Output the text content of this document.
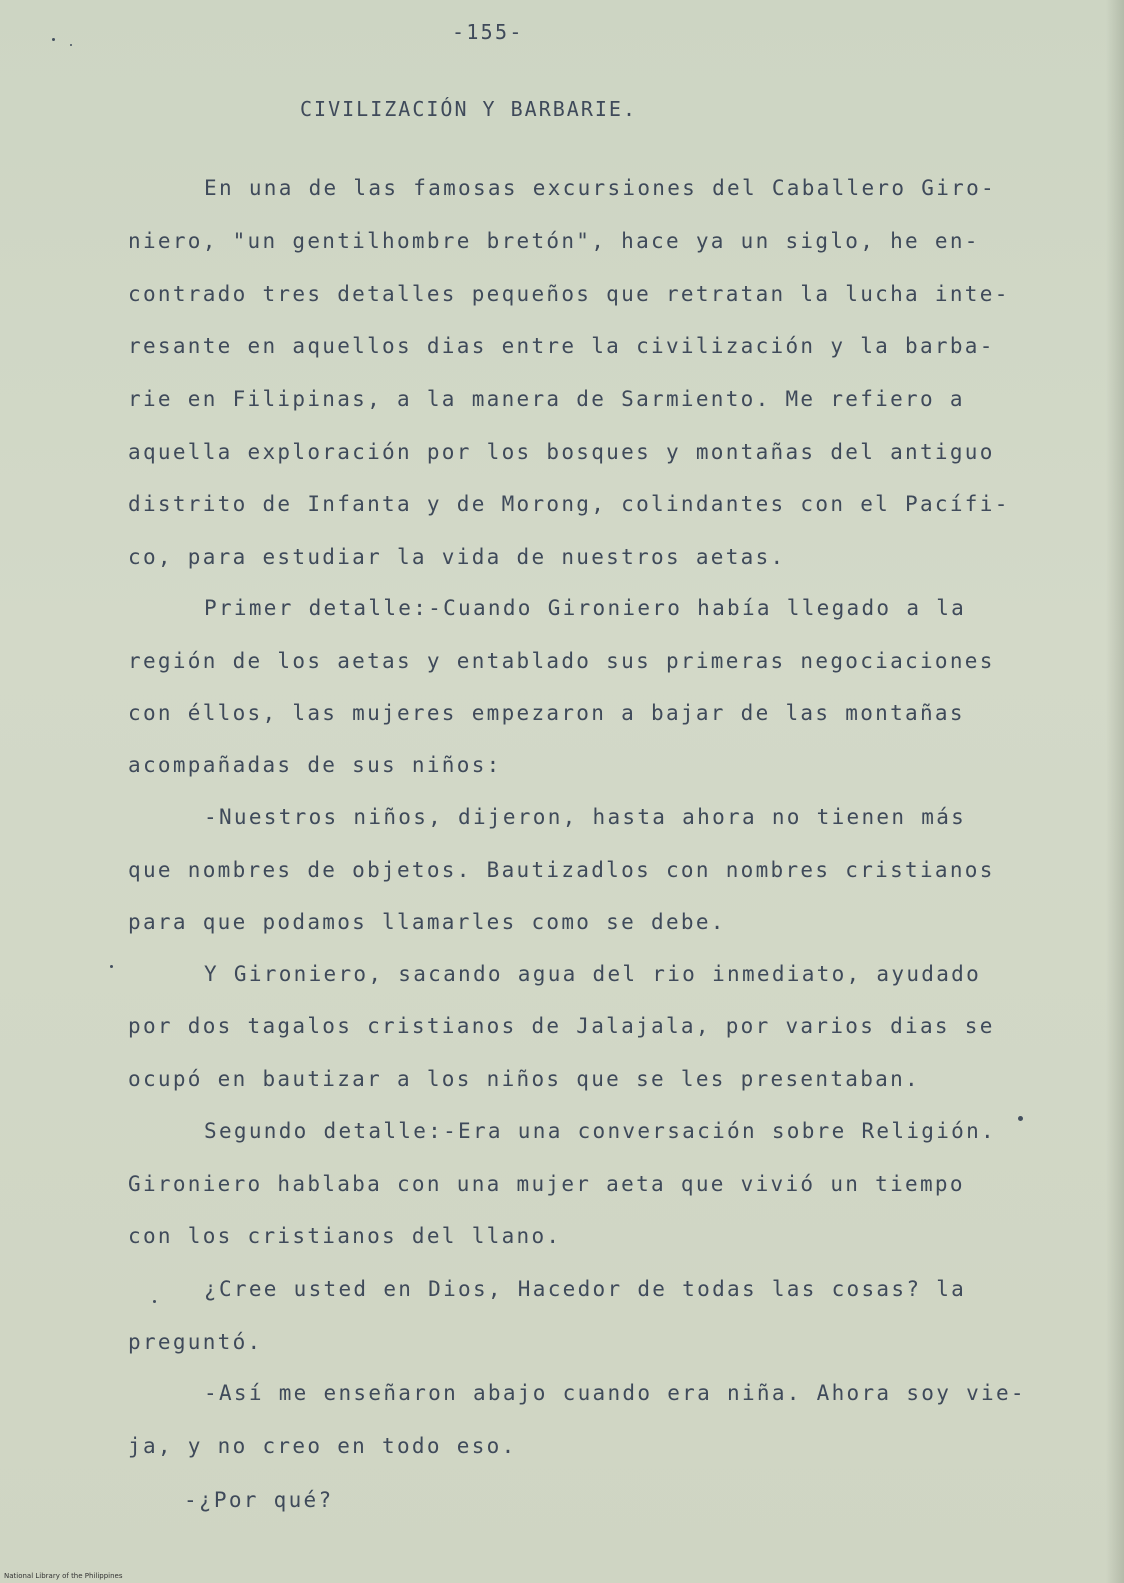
-155-
CIVILIZACIÓN Y BARBARIE.
En una de las famosas excursiones del Caballero Giro-
niero, "un gentilhombre bretón", hace ya un siglo, he en-
contrado tres detalles pequeños que retratan la lucha inte-
resante en aquellos dias entre la civilización y la barba-
rie en Filipinas, a la manera de Sarmiento. Me refiero a
aquella exploración por los bosques y montañas del antiguo
distrito de Infanta y de Morong, colindantes con el Pacífi-
co, para estudiar la vida de nuestros aetas.
Primer detalle:-Cuando Gironiero había llegado a la
región de los aetas y entablado sus primeras negociaciones
con éllos, las mujeres empezaron a bajar de las montañas
acompañadas de sus niños:
-Nuestros niños, dijeron, hasta ahora no tienen más
que nombres de objetos. Bautizadlos con nombres cristianos
para que podamos llamarles como se debe.
Y Gironiero, sacando agua del rio inmediato, ayudado
por dos tagalos cristianos de Jalajala, por varios dias se
ocupó en bautizar a los niños que se les presentaban.
Segundo detalle:-Era una conversación sobre Religión.
Gironiero hablaba con una mujer aeta que vivió un tiempo
con los cristianos del llano.
¿Cree usted en Dios, Hacedor de todas las cosas? la
preguntó.
-Así me enseñaron abajo cuando era niña. Ahora soy vie-
ja, y no creo en todo eso.
-¿Por qué?
National Library of the Philippines
